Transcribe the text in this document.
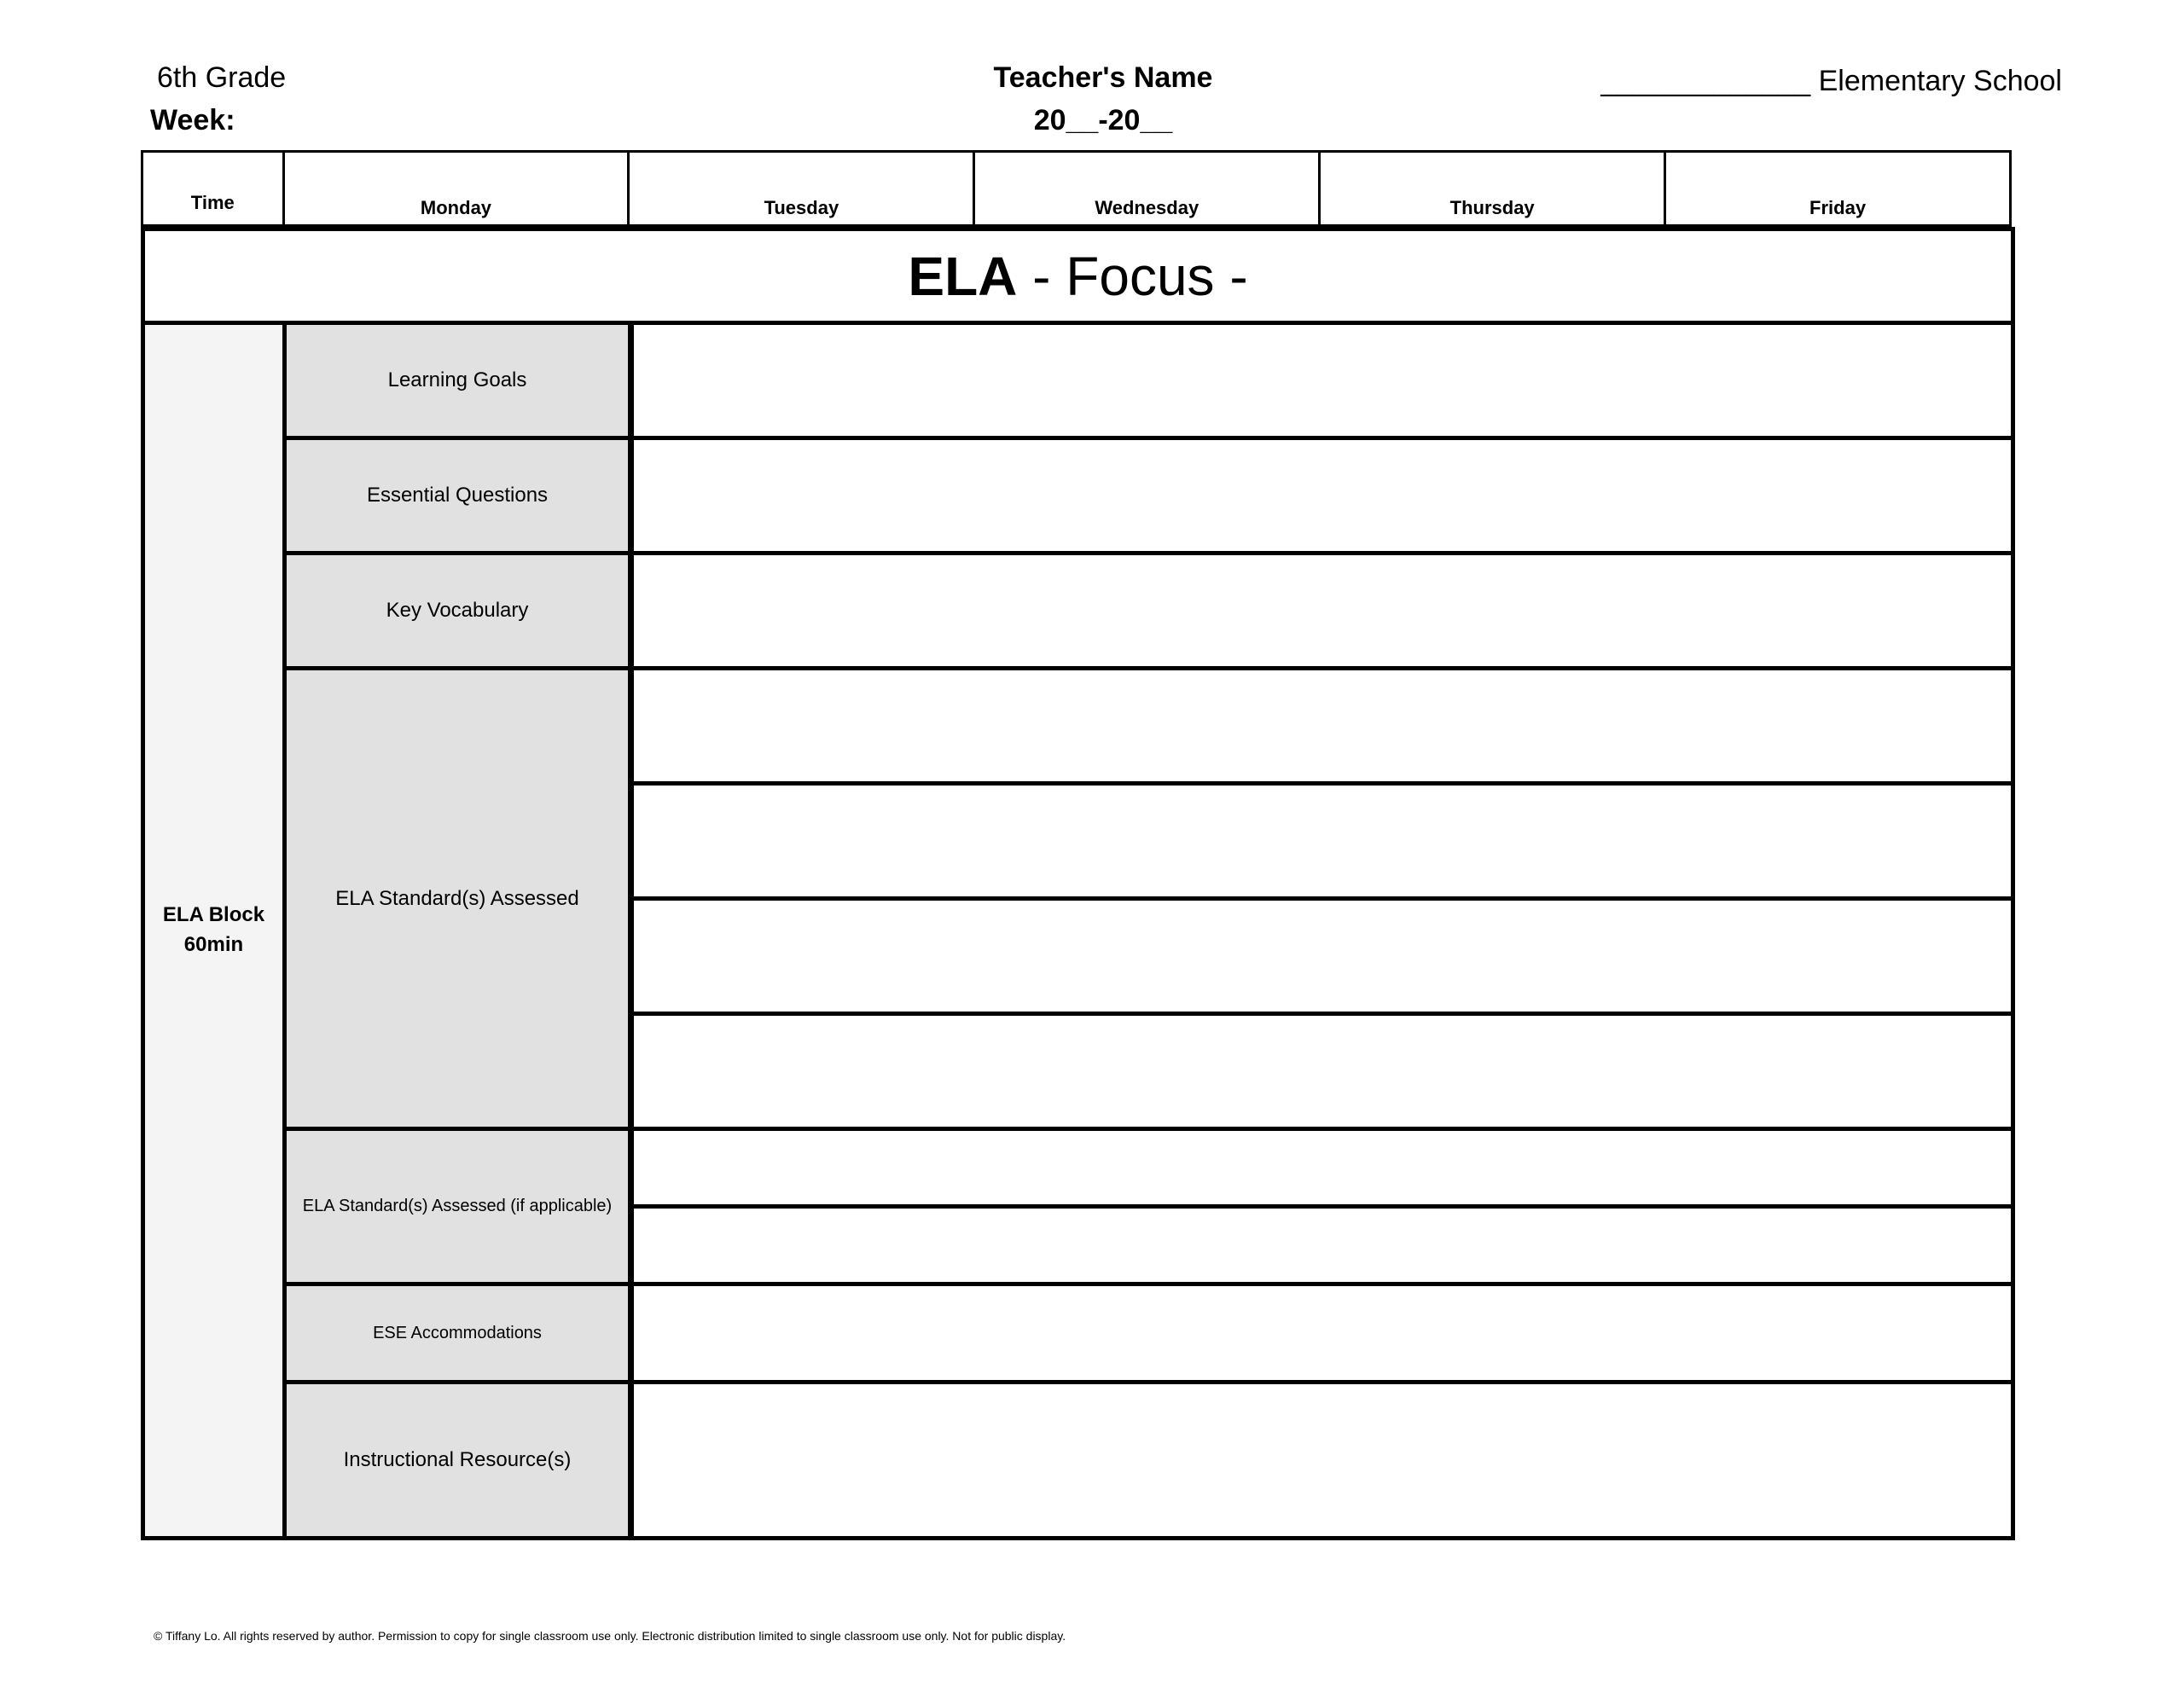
6th Grade
Week:
Teacher's Name
20__-20__
_____________ Elementary School
Time	Monday	Tuesday	Wednesday	Thursday	Friday
ELA - Focus -
ELA Block
60min
Learning Goals
Essential Questions
Key Vocabulary
ELA Standard(s) Assessed
ELA Standard(s) Assessed (if applicable)
ESE Accommodations
Instructional Resource(s)
© Tiffany Lo. All rights reserved by author. Permission to copy for single classroom use only. Electronic distribution limited to single classroom use only. Not for public display.
